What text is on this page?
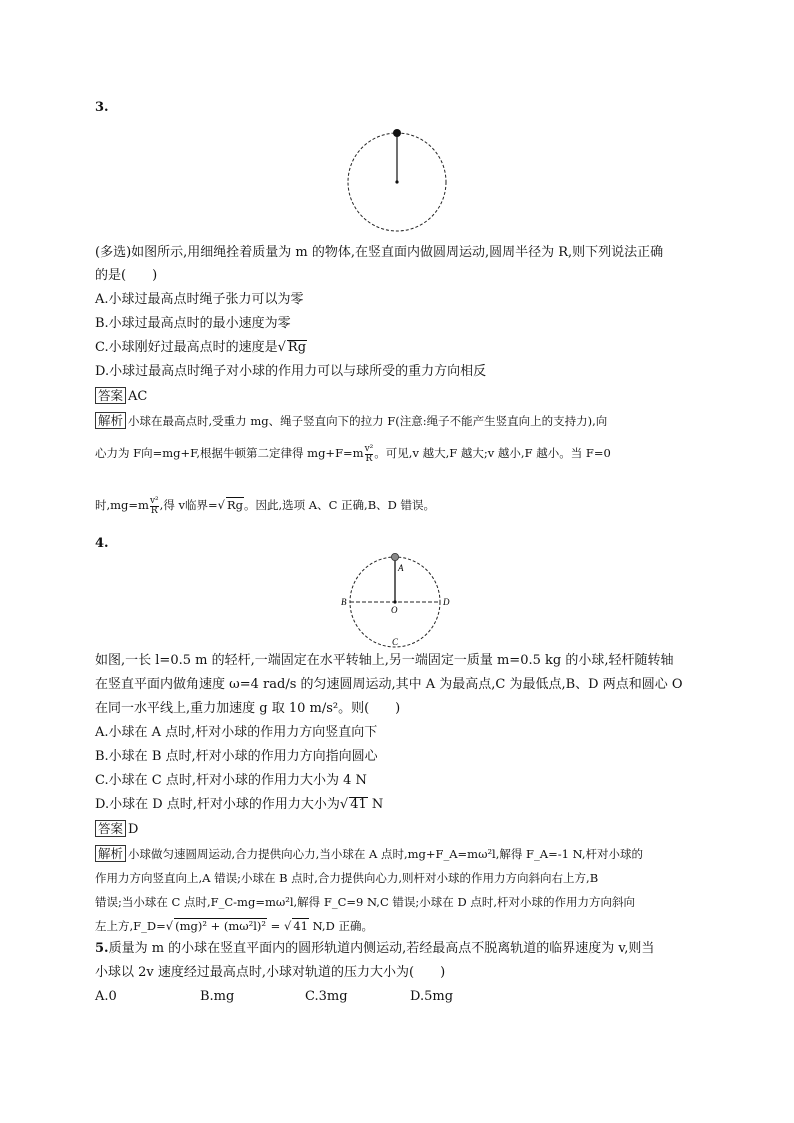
3.
(多选)如图所示,用细绳拴着质量为 m 的物体,在竖直面内做圆周运动,圆周半径为 R,则下列说法正确
的是(　　)
A.小球过最高点时绳子张力可以为零
B.小球过最高点时的最小速度为零
C.小球刚好过最高点时的速度是√ Rg
D.小球过最高点时绳子对小球的作用力可以与球所受的重力方向相反
答案 AC
解析 小球在最高点时,受重力 mg、绳子竖直向下的拉力 F(注意:绳子不能产生竖直向上的支持力),向
心力为 F向=mg+F,根据牛顿第二定律得 $mg+F=m \frac{\text{v²}}{R}$ 。可见,v 越大,F 越大;v 越小,F 越小。当 F=0
时$,mg=m \frac{\text{v²}}{R}$ ,得 v临界=√ Rg。因此,选项 A、C 正确,B、D 错误。
4.
A
B	D
O
C
如图,一长 l=0.5 m 的轻杆,一端固定在水平转轴上,另一端固定一质量 m=0.5 kg 的小球,轻杆随转轴
在竖直平面内做角速度 ω=4 rad/s 的匀速圆周运动,其中 A 为最高点,C 为最低点,B、D 两点和圆心 O
在同一水平线上,重力加速度 g 取 10 m/s²。则(　　)
A.小球在 A 点时,杆对小球的作用力方向竖直向下
B.小球在 B 点时,杆对小球的作用力方向指向圆心
C.小球在 C 点时,杆对小球的作用力大小为 4 N
D.小球在 D 点时,杆对小球的作用力大小为√ 41 N
答案 D
解析 小球做匀速圆周运动,合力提供向心力,当小球在 A 点时,mg+F_A=mω²l,解得 F_A=-1 N,杆对小球的
作用力方向竖直向上,A 错误;小球在 B 点时,合力提供向心力,则杆对小球的作用力方向斜向右上方,B
错误;当小球在 C 点时,F_C-mg=mω²l,解得 F_C=9 N,C 错误;小球在 D 点时,杆对小球的作用力方向斜向
左上方,F_D=√ (mg)² + (mω²l)² = √ 41 N,D 正确。
5.质量为 m 的小球在竖直平面内的圆形轨道内侧运动,若经最高点不脱离轨道的临界速度为 v,则当
小球以 2v 速度经过最高点时,小球对轨道的压力大小为(　　)
A.0	B.mg	C.3mg	D.5mg
